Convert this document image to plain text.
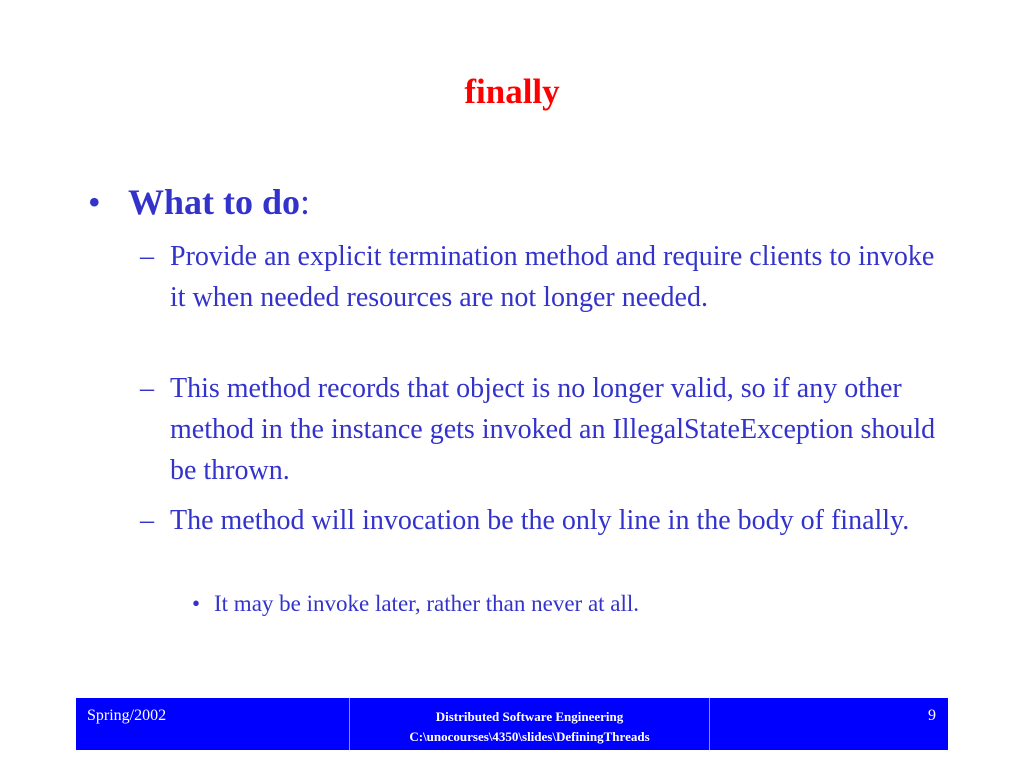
finally
• What to do:
– Provide an explicit termination method and require clients to invoke it when needed resources are not longer needed.
– This method records that object is no longer valid, so if any other method in the instance gets invoked an IllegalStateException should be thrown.
– The method will invocation be the only line in the body of finally.
• It may be invoke later, rather than never at all.
Spring/2002	Distributed Software Engineering
C:\unocourses\4350\slides\DefiningThreads
9
